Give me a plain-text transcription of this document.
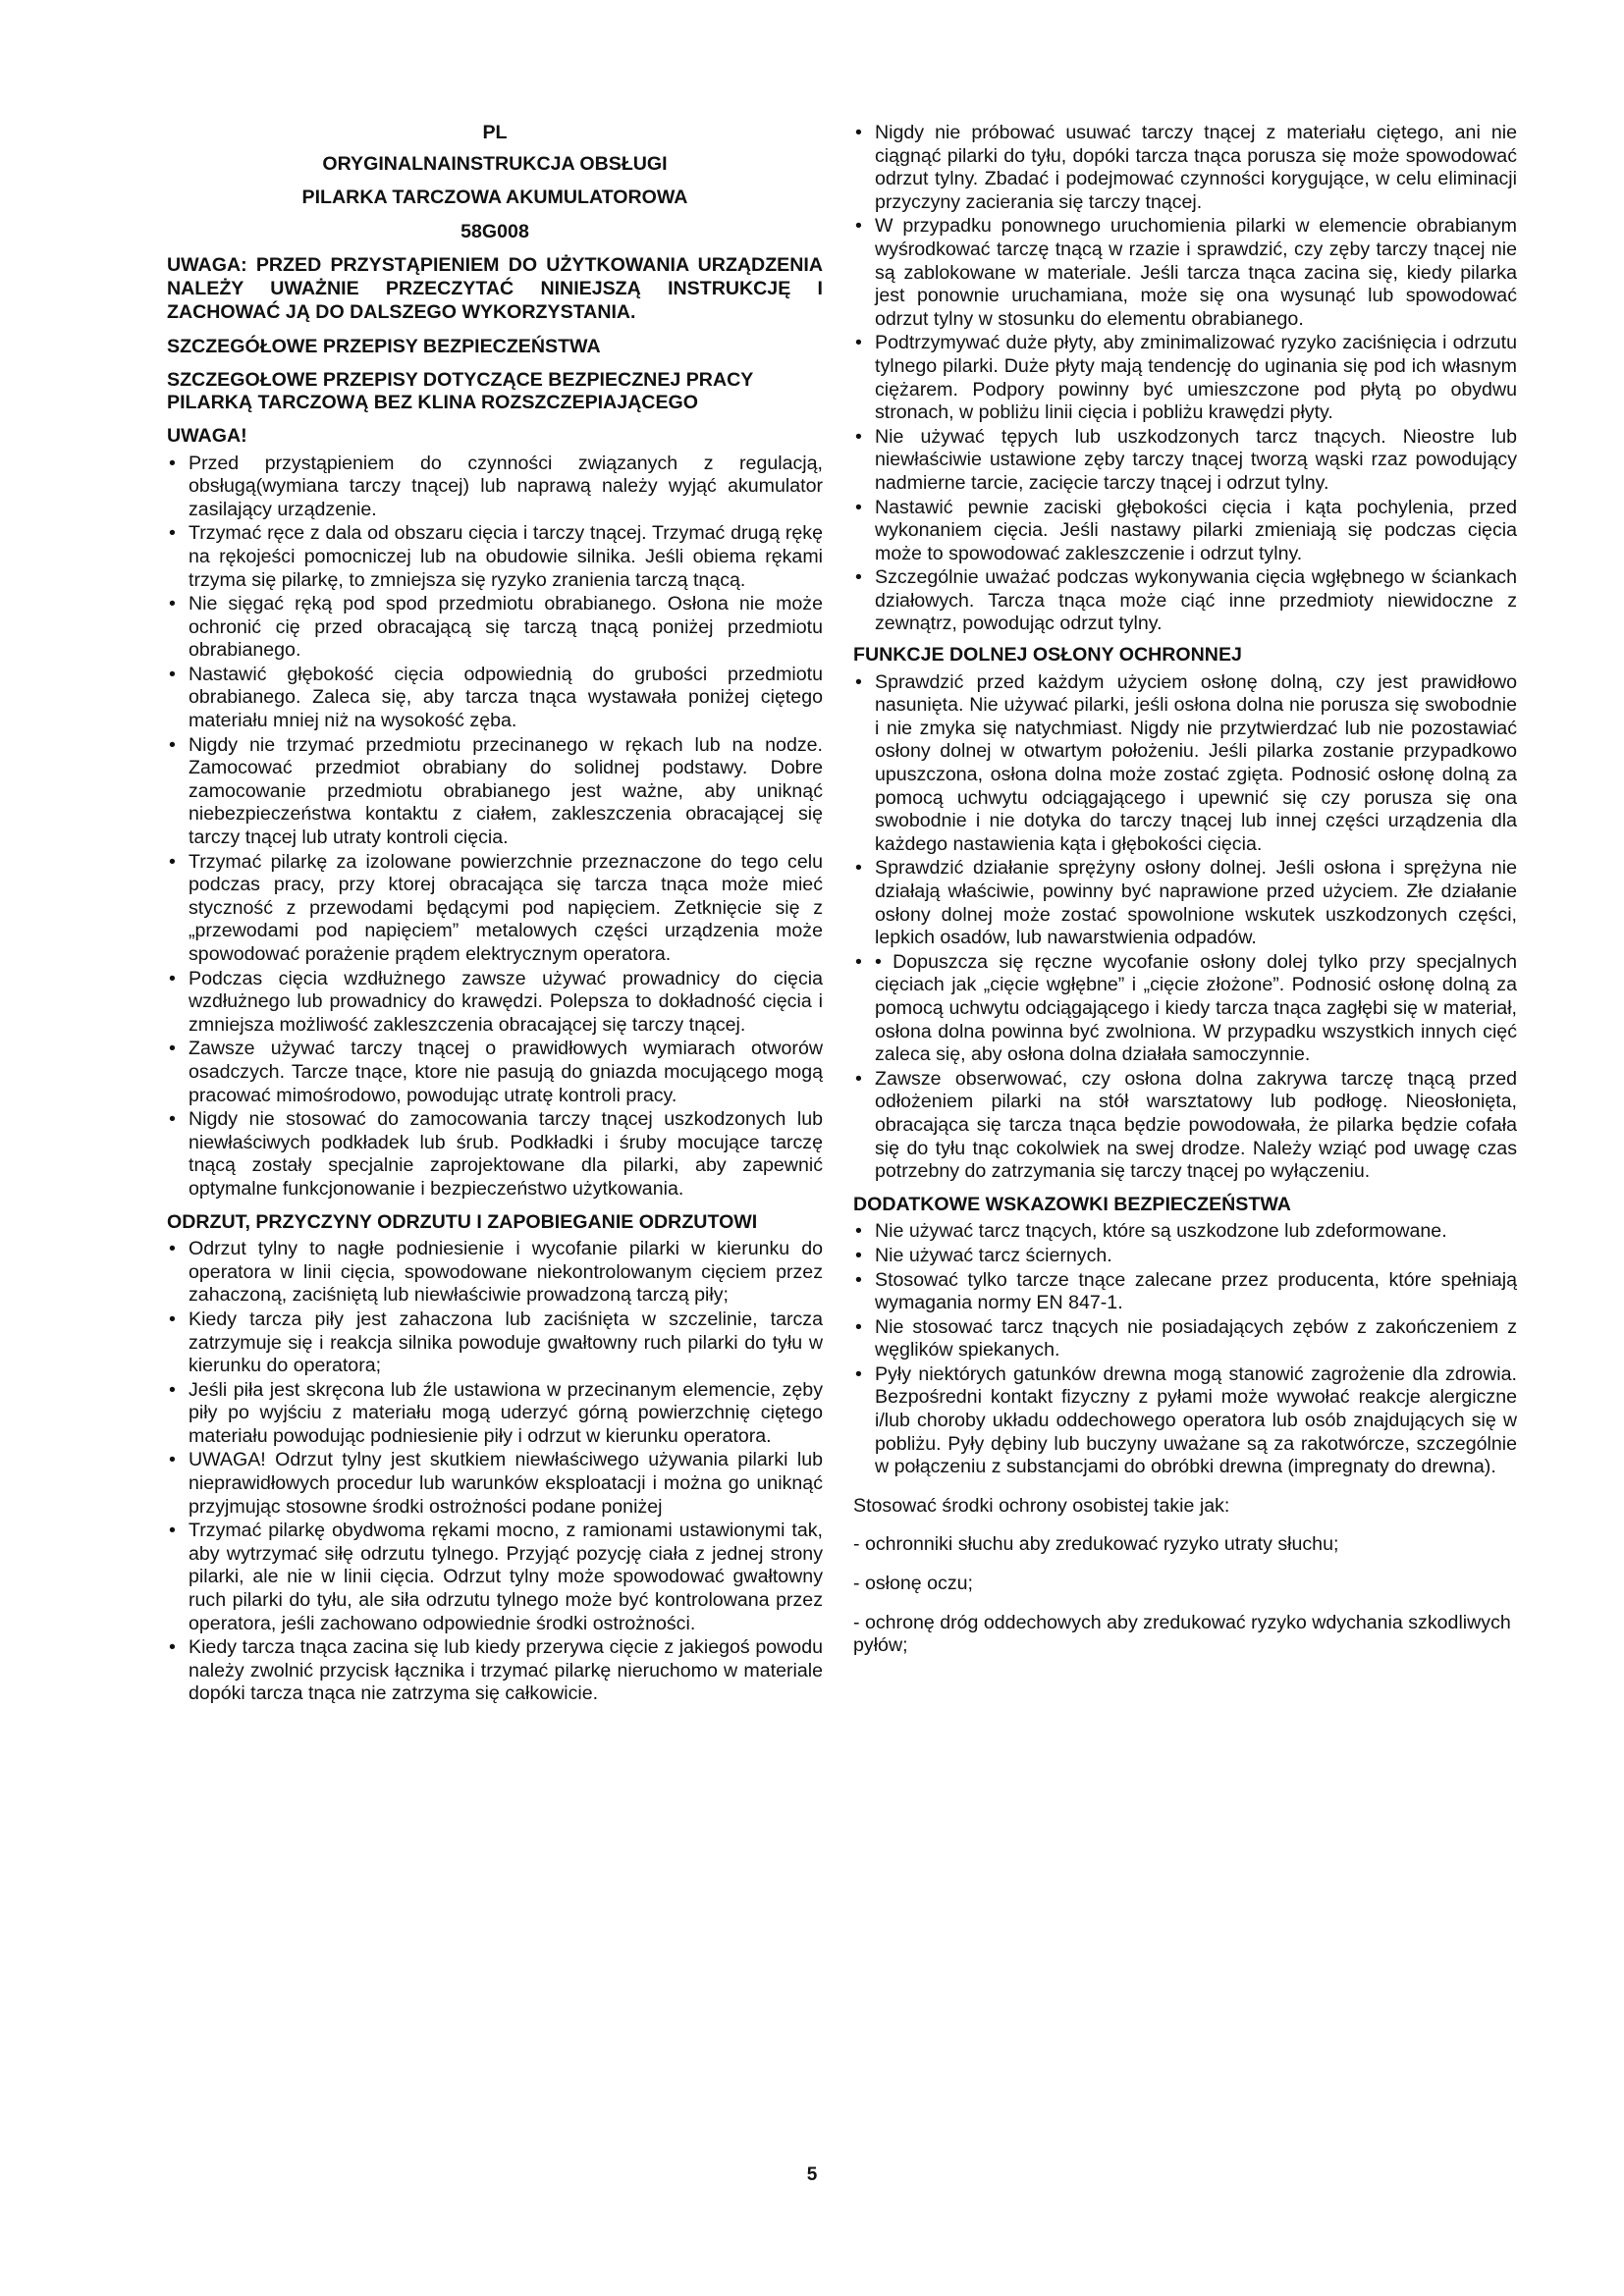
PL
ORYGINALNAINSTRUKCJA OBSŁUGI
PILARKA TARCZOWA AKUMULATOROWA
58G008
UWAGA: PRZED PRZYSTĄPIENIEM DO UŻYTKOWANIA URZĄDZENIA NALEŻY UWAŻNIE PRZECZYTAĆ NINIEJSZĄ INSTRUKCJĘ I ZACHOWAĆ JĄ DO DALSZEGO WYKORZYSTANIA.
SZCZEGÓŁOWE PRZEPISY BEZPIECZEŃSTWA
SZCZEGOŁOWE PRZEPISY DOTYCZĄCE BEZPIECZNEJ PRACY PILARKĄ TARCZOWĄ BEZ KLINA ROZSZCZEPIAJĄCEGO
UWAGA!
• Przed przystąpieniem do czynności związanych z regulacją, obsługą(wymiana tarczy tnącej) lub naprawą należy wyjąć akumulator zasilający urządzenie.
• Trzymać ręce z dala od obszaru cięcia i tarczy tnącej. Trzymać drugą rękę na rękojeści pomocniczej lub na obudowie silnika. Jeśli obiema rękami trzyma się pilarkę, to zmniejsza się ryzyko zranienia tarczą tnącą.
• Nie sięgać ręką pod spod przedmiotu obrabianego. Osłona nie może ochronić cię przed obracającą się tarczą tnącą poniżej przedmiotu obrabianego.
• Nastawić głębokość cięcia odpowiednią do grubości przedmiotu obrabianego. Zaleca się, aby tarcza tnąca wystawała poniżej ciętego materiału mniej niż na wysokość zęba.
• Nigdy nie trzymać przedmiotu przecinanego w rękach lub na nodze. Zamocować przedmiot obrabiany do solidnej podstawy. Dobre zamocowanie przedmiotu obrabianego jest ważne, aby uniknąć niebezpieczeństwa kontaktu z ciałem, zakleszczenia obracającej się tarczy tnącej lub utraty kontroli cięcia.
• Trzymać pilarkę za izolowane powierzchnie przeznaczone do tego celu podczas pracy, przy ktorej obracająca się tarcza tnąca może mieć styczność z przewodami będącymi pod napięciem. Zetknięcie się z „przewodami pod napięciem” metalowych części urządzenia może spowodować porażenie prądem elektrycznym operatora.
• Podczas cięcia wzdłużnego zawsze używać prowadnicy do cięcia wzdłużnego lub prowadnicy do krawędzi. Polepsza to dokładność cięcia i zmniejsza możliwość zakleszczenia obracającej się tarczy tnącej.
• Zawsze używać tarczy tnącej o prawidłowych wymiarach otworów osadczych. Tarcze tnące, ktore nie pasują do gniazda mocującego mogą pracować mimośrodowo, powodując utratę kontroli pracy.
• Nigdy nie stosować do zamocowania tarczy tnącej uszkodzonych lub niewłaściwych podkładek lub śrub. Podkładki i śruby mocujące tarczę tnącą zostały specjalnie zaprojektowane dla pilarki, aby zapewnić optymalne funkcjonowanie i bezpieczeństwo użytkowania.
ODRZUT, PRZYCZYNY ODRZUTU I ZAPOBIEGANIE ODRZUTOWI
• Odrzut tylny to nagłe podniesienie i wycofanie pilarki w kierunku do operatora w linii cięcia, spowodowane niekontrolowanym cięciem przez zahaczoną, zaciśniętą lub niewłaściwie prowadzoną tarczą piły;
• Kiedy tarcza piły jest zahaczona lub zaciśnięta w szczelinie, tarcza zatrzymuje się i reakcja silnika powoduje gwałtowny ruch pilarki do tyłu w kierunku do operatora;
• Jeśli piła jest skręcona lub źle ustawiona w przecinanym elemencie, zęby piły po wyjściu z materiału mogą uderzyć górną powierzchnię ciętego materiału powodując podniesienie piły i odrzut w kierunku operatora.
• UWAGA! Odrzut tylny jest skutkiem niewłaściwego używania pilarki lub nieprawidłowych procedur lub warunków eksploatacji i można go uniknąć przyjmując stosowne środki ostrożności podane poniżej
• Trzymać pilarkę obydwoma rękami mocno, z ramionami ustawionymi tak, aby wytrzymać siłę odrzutu tylnego. Przyjąć pozycję ciała z jednej strony pilarki, ale nie w linii cięcia. Odrzut tylny może spowodować gwałtowny ruch pilarki do tyłu, ale siła odrzutu tylnego może być kontrolowana przez operatora, jeśli zachowano odpowiednie środki ostrożności.
• Kiedy tarcza tnąca zacina się lub kiedy przerywa cięcie z jakiegoś powodu należy zwolnić przycisk łącznika i trzymać pilarkę nieruchomo w materiale dopóki tarcza tnąca nie zatrzyma się całkowicie.
• Nigdy nie próbować usuwać tarczy tnącej z materiału ciętego, ani nie ciągnąć pilarki do tyłu, dopóki tarcza tnąca porusza się może spowodować odrzut tylny. Zbadać i podejmować czynności korygujące, w celu eliminacji przyczyny zacierania się tarczy tnącej.
• W przypadku ponownego uruchomienia pilarki w elemencie obrabianym wyśrodkować tarczę tnącą w rzazie i sprawdzić, czy zęby tarczy tnącej nie są zablokowane w materiale. Jeśli tarcza tnąca zacina się, kiedy pilarka jest ponownie uruchamiana, może się ona wysunąć lub spowodować odrzut tylny w stosunku do elementu obrabianego.
• Podtrzymywać duże płyty, aby zminimalizować ryzyko zaciśnięcia i odrzutu tylnego pilarki. Duże płyty mają tendencję do uginania się pod ich własnym ciężarem. Podpory powinny być umieszczone pod płytą po obydwu stronach, w pobliżu linii cięcia i pobliżu krawędzi płyty.
• Nie używać tępych lub uszkodzonych tarcz tnących. Nieostre lub niewłaściwie ustawione zęby tarczy tnącej tworzą wąski rzaz powodujący nadmierne tarcie, zacięcie tarczy tnącej i odrzut tylny.
• Nastawić pewnie zaciski głębokości cięcia i kąta pochylenia, przed wykonaniem cięcia. Jeśli nastawy pilarki zmieniają się podczas cięcia może to spowodować zakleszczenie i odrzut tylny.
• Szczególnie uważać podczas wykonywania cięcia wgłębnego w ściankach działowych. Tarcza tnąca może ciąć inne przedmioty niewidoczne z zewnątrz, powodując odrzut tylny.
FUNKCJE DOLNEJ OSŁONY OCHRONNEJ
• Sprawdzić przed każdym użyciem osłonę dolną, czy jest prawidłowo nasunięta. Nie używać pilarki, jeśli osłona dolna nie porusza się swobodnie i nie zmyka się natychmiast. Nigdy nie przytwierdzać lub nie pozostawiać osłony dolnej w otwartym położeniu. Jeśli pilarka zostanie przypadkowo upuszczona, osłona dolna może zostać zgięta. Podnosić osłonę dolną za pomocą uchwytu odciągającego i upewnić się czy porusza się ona swobodnie i nie dotyka do tarczy tnącej lub innej części urządzenia dla każdego nastawienia kąta i głębokości cięcia.
• Sprawdzić działanie sprężyny osłony dolnej. Jeśli osłona i sprężyna nie działają właściwie, powinny być naprawione przed użyciem. Złe działanie osłony dolnej może zostać spowolnione wskutek uszkodzonych części, lepkich osadów, lub nawarstwienia odpadów.
• • Dopuszcza się ręczne wycofanie osłony dolej tylko przy specjalnych cięciach jak „cięcie wgłębne” i „cięcie złożone”. Podnosić osłonę dolną za pomocą uchwytu odciągającego i kiedy tarcza tnąca zagłębi się w materiał, osłona dolna powinna być zwolniona. W przypadku wszystkich innych cięć zaleca się, aby osłona dolna działała samoczynnie.
• Zawsze obserwować, czy osłona dolna zakrywa tarczę tnącą przed odłożeniem pilarki na stół warsztatowy lub podłogę. Nieosłonięta, obracająca się tarcza tnąca będzie powodowała, że pilarka będzie cofała się do tyłu tnąc cokolwiek na swej drodze. Należy wziąć pod uwagę czas potrzebny do zatrzymania się tarczy tnącej po wyłączeniu.
DODATKOWE WSKAZOWKI BEZPIECZEŃSTWA
• Nie używać tarcz tnących, które są uszkodzone lub zdeformowane.
• Nie używać tarcz ściernych.
• Stosować tylko tarcze tnące zalecane przez producenta, które spełniają wymagania normy EN 847-1.
• Nie stosować tarcz tnących nie posiadających zębów z zakończeniem z węglików spiekanych.
• Pyły niektórych gatunków drewna mogą stanowić zagrożenie dla zdrowia. Bezpośredni kontakt fizyczny z pyłami może wywołać reakcje alergiczne i/lub choroby układu oddechowego operatora lub osób znajdujących się w pobliżu. Pyły dębiny lub buczyny uważane są za rakotwórcze, szczególnie w połączeniu z substancjami do obróbki drewna (impregnaty do drewna).

Stosować środki ochrony osobistej takie jak:

- ochronniki słuchu aby zredukować ryzyko utraty słuchu;

- osłonę oczu;

- ochronę dróg oddechowych aby zredukować ryzyko wdychania szkodliwych pyłów;

5
